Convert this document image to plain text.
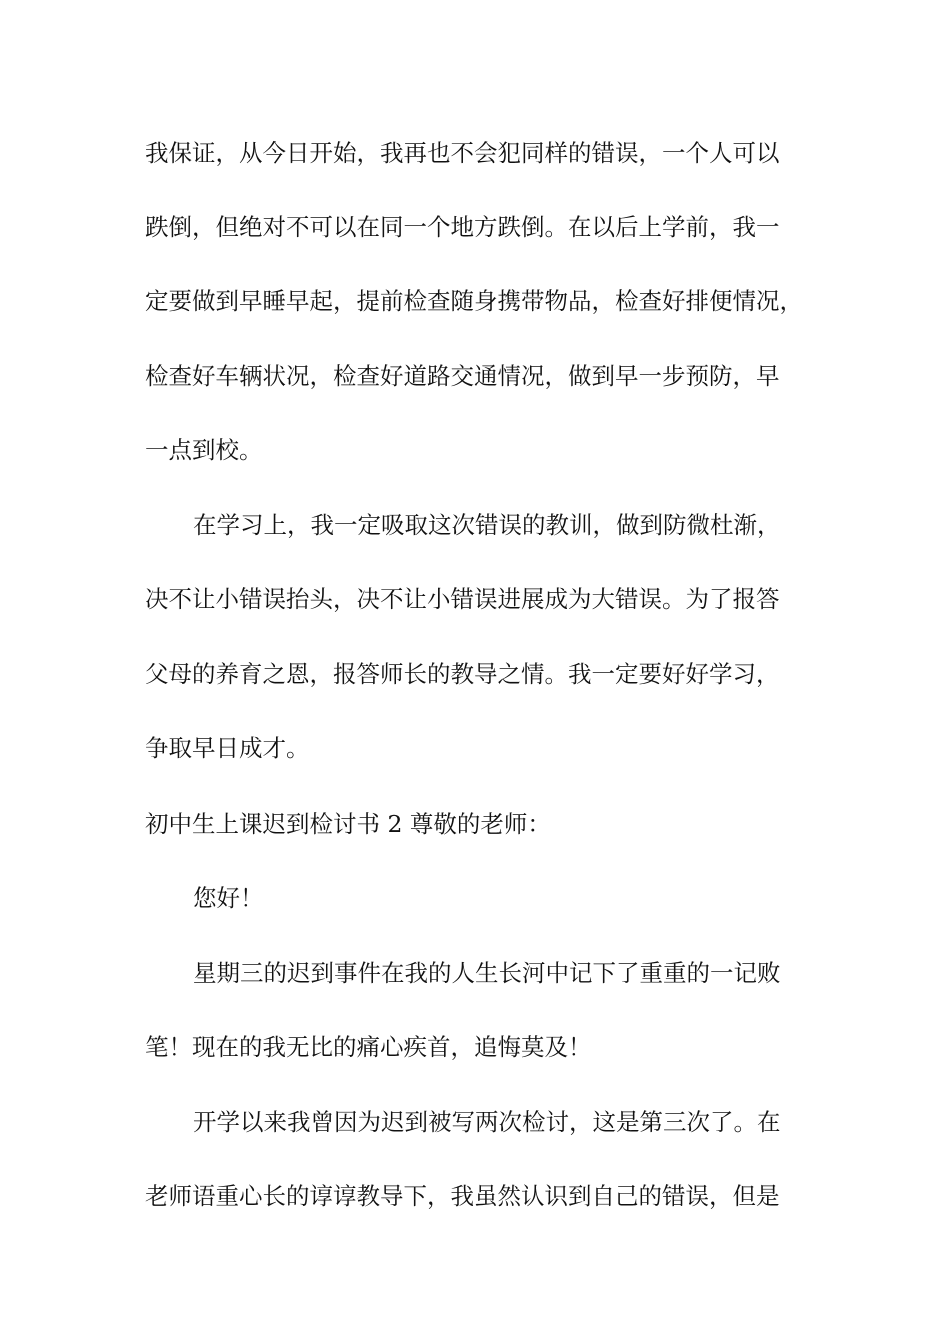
我保证，从今日开始，我再也不会犯同样的错误，一个人可以
跌倒，但绝对不可以在同一个地方跌倒。在以后上学前，我一
定要做到早睡早起，提前检查随身携带物品，检查好排便情况，
检查好车辆状况，检查好道路交通情况，做到早一步预防，早
一点到校。
在学习上，我一定吸取这次错误的教训，做到防微杜渐，
决不让小错误抬头，决不让小错误进展成为大错误。为了报答
父母的养育之恩，报答师长的教导之情。我一定要好好学习，
争取早日成才。
初中生上课迟到检讨书 2 尊敬的老师：
您好！
星期三的迟到事件在我的人生长河中记下了重重的一记败
笔！现在的我无比的痛心疾首，追悔莫及！
开学以来我曾因为迟到被写两次检讨，这是第三次了。在
老师语重心长的谆谆教导下，我虽然认识到自己的错误，但是
